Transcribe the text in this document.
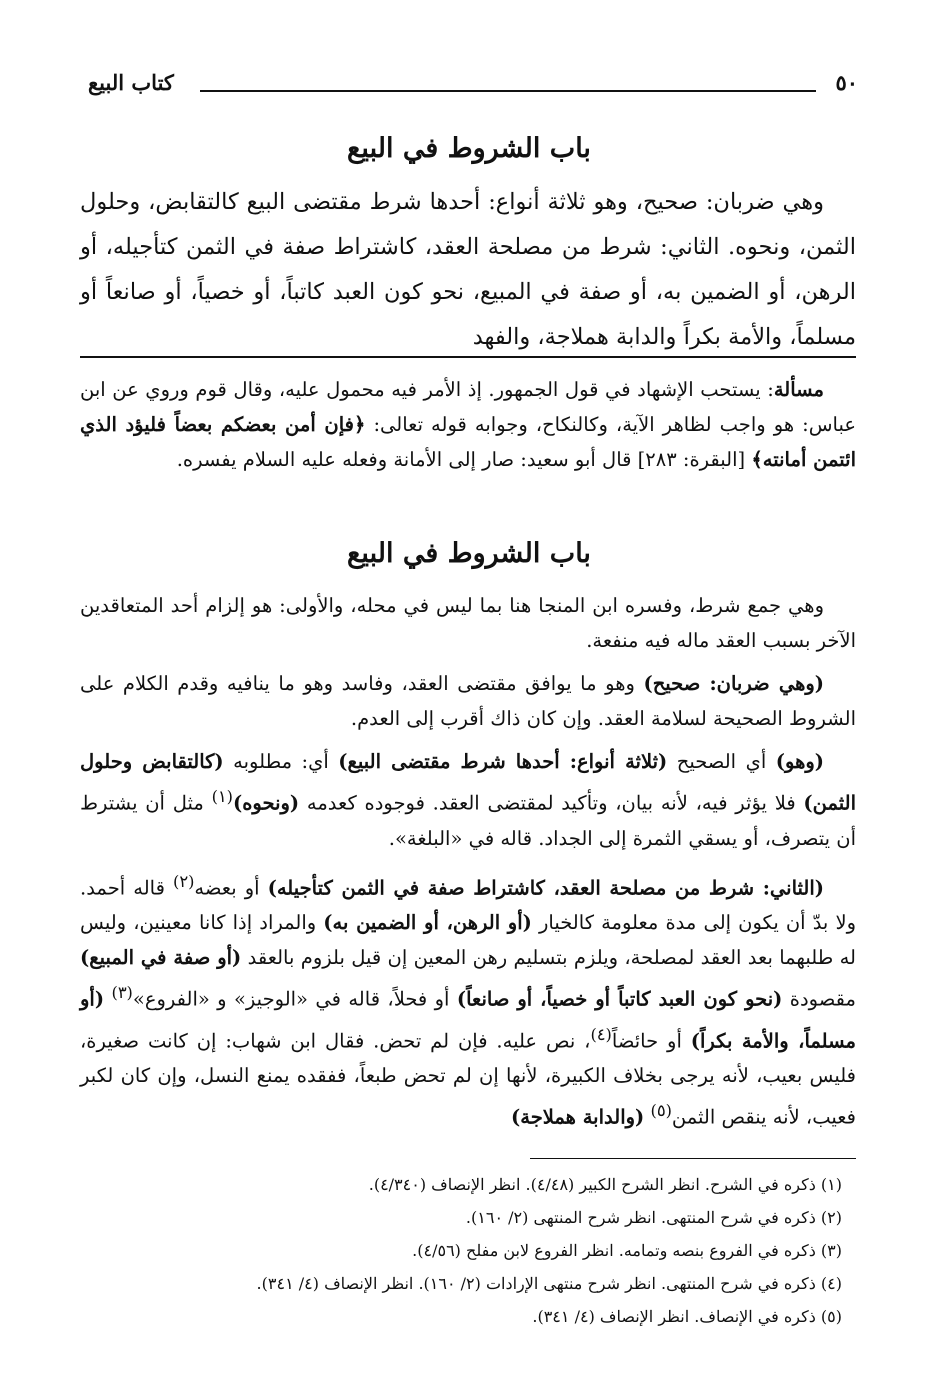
٥٠
كتاب البيع
باب الشروط في البيع

وهي ضربان: صحيح، وهو ثلاثة أنواع: أحدها شرط مقتضى البيع كالتقابض، وحلول الثمن، ونحوه. الثاني: شرط من مصلحة العقد، كاشتراط صفة في الثمن كتأجيله، أو الرهن، أو الضمين به، أو صفة في المبيع، نحو كون العبد كاتباً، أو خصياً، أو صانعاً أو مسلماً، والأمة بكراً والدابة هملاجة، والفهد

مسألة: يستحب الإشهاد في قول الجمهور. إذ الأمر فيه محمول عليه، وقال قوم وروي عن ابن عباس: هو واجب لظاهر الآية، وكالنكاح، وجوابه قوله تعالى: ﴿فإن أمن بعضكم بعضاً فليؤد الذي ائتمن أمانته﴾ [البقرة: ٢٨٣] قال أبو سعيد: صار إلى الأمانة وفعله عليه السلام يفسره.

باب الشروط في البيع

وهي جمع شرط، وفسره ابن المنجا هنا بما ليس في محله، والأولى: هو إلزام أحد المتعاقدين الآخر بسبب العقد ماله فيه منفعة.

(وهي ضربان: صحيح) وهو ما يوافق مقتضى العقد، وفاسد وهو ما ينافيه وقدم الكلام على الشروط الصحيحة لسلامة العقد. وإن كان ذاك أقرب إلى العدم.

(وهو) أي الصحيح (ثلاثة أنواع: أحدها شرط مقتضى البيع) أي: مطلوبه (كالتقابض وحلول الثمن) فلا يؤثر فيه، لأنه بيان، وتأكيد لمقتضى العقد. فوجوده كعدمه (ونحوه)$^{(١)}$ مثل أن يشترط أن يتصرف، أو يسقي الثمرة إلى الجداد. قاله في «البلغة».

(الثاني: شرط من مصلحة العقد، كاشتراط صفة في الثمن كتأجيله) أو بعضه$^{(٢)}$ قاله أحمد. ولا بدّ أن يكون إلى مدة معلومة كالخيار (أو الرهن، أو الضمين به) والمراد إذا كانا معينين، وليس له طلبهما بعد العقد لمصلحة، ويلزم بتسليم رهن المعين إن قيل بلزوم بالعقد (أو صفة في المبيع) مقصودة (نحو كون العبد كاتباً أو خصياً، أو صانعاً) أو فحلاً، قاله في «الوجيز» و «الفروع»$^{(٣)}$ (أو مسلماً، والأمة بكراً) أو حائضاً$^{(٤)}$، نص عليه. فإن لم تحض. فقال ابن شهاب: إن كانت صغيرة، فليس بعيب، لأنه يرجى بخلاف الكبيرة، لأنها إن لم تحض طبعاً، ففقده يمنع النسل، وإن كان لكبر فعيب، لأنه ينقص الثمن$^{(٥)}$ (والدابة هملاجة)

(١) ذكره في الشرح. انظر الشرح الكبير (٤/٤٨). انظر الإنصاف (٤/٣٤٠).

(٢) ذكره في شرح المنتهى. انظر شرح المنتهى (٢/ ١٦٠).

(٣) ذكره في الفروع بنصه وتمامه. انظر الفروع لابن مفلح (٤/٥٦).

(٤) ذكره في شرح المنتهى. انظر شرح منتهى الإرادات (٢/ ١٦٠). انظر الإنصاف (٤/ ٣٤١).

(٥) ذكره في الإنصاف. انظر الإنصاف (٤/ ٣٤١).
